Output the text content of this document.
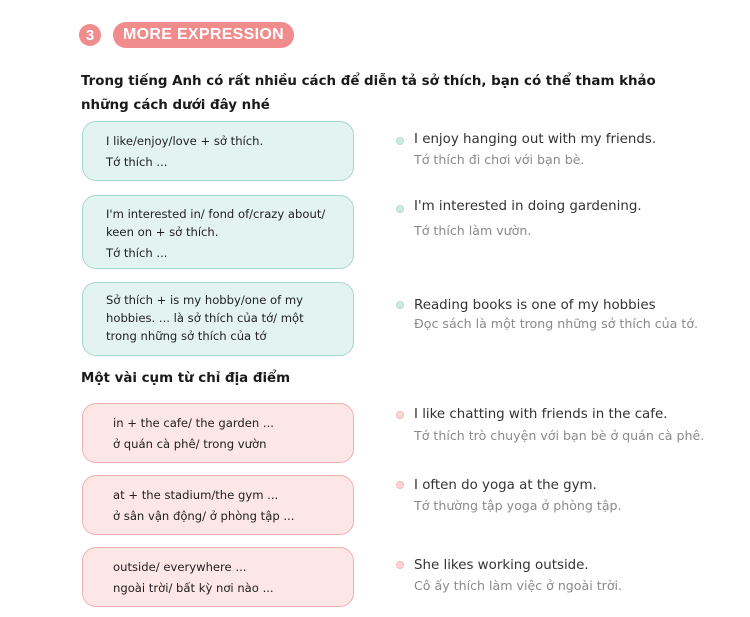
3	MORE EXPRESSION
Trong tiếng Anh có rất nhiều cách để diễn tả sở thích, bạn có thể tham khảo những cách dưới đây nhé
I like/enjoy/love + sở thích.
Tớ thích ...
I enjoy hanging out with my friends.
Tớ thích đi chơi với bạn bè.
I'm interested in/ fond of/crazy about/
keen on + sở thích.
Tớ thích ...
I'm interested in doing gardening.
Tớ thích làm vườn.
Sở thích + is my hobby/one of my
hobbies. ... là sở thích của tớ/ một
trong những sở thích của tớ
Reading books is one of my hobbies
Đọc sách là một trong những sở thích của tớ.
Một vài cụm từ chỉ địa điểm
in + the cafe/ the garden ...
ở quán cà phê/ trong vườn
I like chatting with friends in the cafe.
Tớ thích trò chuyện với bạn bè ở quán cà phê.
at + the stadium/the gym ...
ở sân vận động/ ở phòng tập ...
I often do yoga at the gym.
Tớ thường tập yoga ở phòng tập.
outside/ everywhere ...
ngoài trời/ bất kỳ nơi nào ...
She likes working outside.
Cô ấy thích làm việc ở ngoài trời.
